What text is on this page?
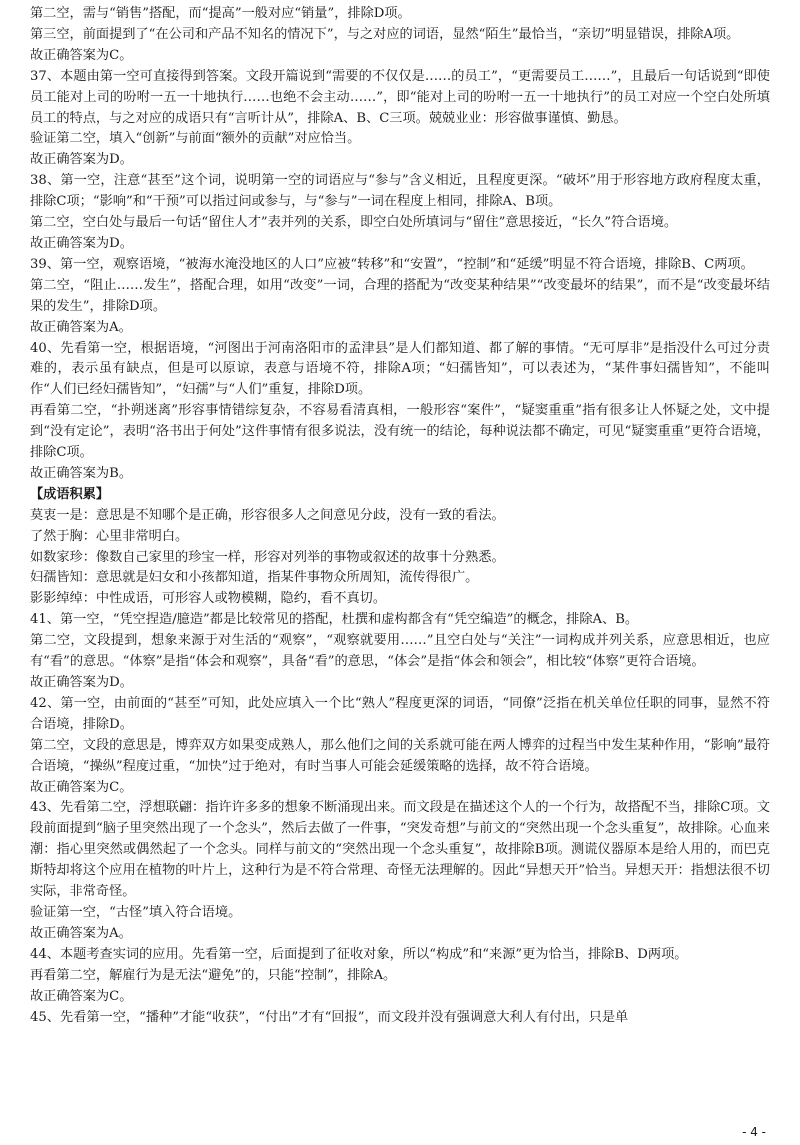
第二空，需与“销售”搭配，而“提高”一般对应“销量”，排除D项。

第三空，前面提到了“在公司和产品不知名的情况下”，与之对应的词语，显然“陌生”最恰当，“亲切”明显错误，排除A项。

故正确答案为C。

37、本题由第一空可直接得到答案。文段开篇说到“需要的不仅仅是……的员工”，“更需要员工……”，且最后一句话说到“即使员工能对上司的吩咐一五一十地执行……也绝不会主动……”，即“能对上司的吩咐一五一十地执行”的员工对应一个空白处所填员工的特点，与之对应的成语只有“言听计从”，排除A、B、C三项。兢兢业业：形容做事谨慎、勤恳。

验证第二空，填入“创新”与前面“额外的贡献”对应恰当。

故正确答案为D。

38、第一空，注意“甚至”这个词，说明第一空的词语应与“参与”含义相近，且程度更深。“破坏”用于形容地方政府程度太重，排除C项；“影响”和“干预”可以指过问或参与，与“参与”一词在程度上相同，排除A、B项。

第二空，空白处与最后一句话“留住人才”表并列的关系，即空白处所填词与“留住”意思接近，“长久”符合语境。

故正确答案为D。

39、第一空，观察语境，“被海水淹没地区的人口”应被“转移”和“安置”，“控制”和“延缓”明显不符合语境，排除B、C两项。

第二空，“阻止……发生”，搭配合理，如用“改变”一词，合理的搭配为“改变某种结果”“改变最坏的结果”，而不是“改变最坏结果的发生”，排除D项。

故正确答案为A。

40、先看第一空，根据语境，“河图出于河南洛阳市的孟津县”是人们都知道、都了解的事情。“无可厚非”是指没什么可过分责难的，表示虽有缺点，但是可以原谅，表意与语境不符，排除A项；“妇孺皆知”，可以表述为，“某件事妇孺皆知”，不能叫作“人们已经妇孺皆知”，“妇孺”与“人们”重复，排除D项。

再看第二空，“扑朔迷离”形容事情错综复杂，不容易看清真相，一般形容“案件”，“疑窦重重”指有很多让人怀疑之处，文中提到“没有定论”，表明“洛书出于何处”这件事情有很多说法，没有统一的结论，每种说法都不确定，可见“疑窦重重”更符合语境，排除C项。

故正确答案为B。

【成语积累】

莫衷一是：意思是不知哪个是正确，形容很多人之间意见分歧，没有一致的看法。

了然于胸：心里非常明白。

如数家珍：像数自己家里的珍宝一样，形容对列举的事物或叙述的故事十分熟悉。

妇孺皆知：意思就是妇女和小孩都知道，指某件事物众所周知，流传得很广。

影影绰绰：中性成语，可形容人或物模糊，隐约，看不真切。

41、第一空，“凭空捏造/臆造”都是比较常见的搭配，杜撰和虚构都含有“凭空编造”的概念，排除A、B。

第二空，文段提到，想象来源于对生活的“观察”，“观察就要用……”且空白处与“关注”一词构成并列关系，应意思相近，也应有“看”的意思。“体察”是指“体会和观察”，具备“看”的意思，“体会”是指“体会和领会”，相比较“体察”更符合语境。

故正确答案为D。

42、第一空，由前面的“甚至”可知，此处应填入一个比“熟人”程度更深的词语，“同僚”泛指在机关单位任职的同事，显然不符合语境，排除D。

第二空，文段的意思是，博弈双方如果变成熟人，那么他们之间的关系就可能在两人博弈的过程当中发生某种作用，“影响”最符合语境，“操纵”程度过重，“加快”过于绝对，有时当事人可能会延缓策略的选择，故不符合语境。

故正确答案为C。

43、先看第二空，浮想联翩：指许许多多的想象不断涌现出来。而文段是在描述这个人的一个行为，故搭配不当，排除C项。文段前面提到“脑子里突然出现了一个念头”，然后去做了一件事，“突发奇想”与前文的“突然出现一个念头重复”，故排除。心血来潮：指心里突然或偶然起了一个念头。同样与前文的“突然出现一个念头重复”，故排除B项。测谎仪器原本是给人用的，而巴克斯特却将这个应用在植物的叶片上，这种行为是不符合常理、奇怪无法理解的。因此“异想天开”恰当。异想天开：指想法很不切实际，非常奇怪。

验证第一空，“古怪”填入符合语境。

故正确答案为A。

44、本题考查实词的应用。先看第一空，后面提到了征收对象，所以“构成”和“来源”更为恰当，排除B、D两项。

再看第二空，解雇行为是无法“避免”的，只能“控制”，排除A。

故正确答案为C。

45、先看第一空，“播种”才能“收获”，“付出”才有“回报”，而文段并没有强调意大利人有付出，只是单

- 4 -
